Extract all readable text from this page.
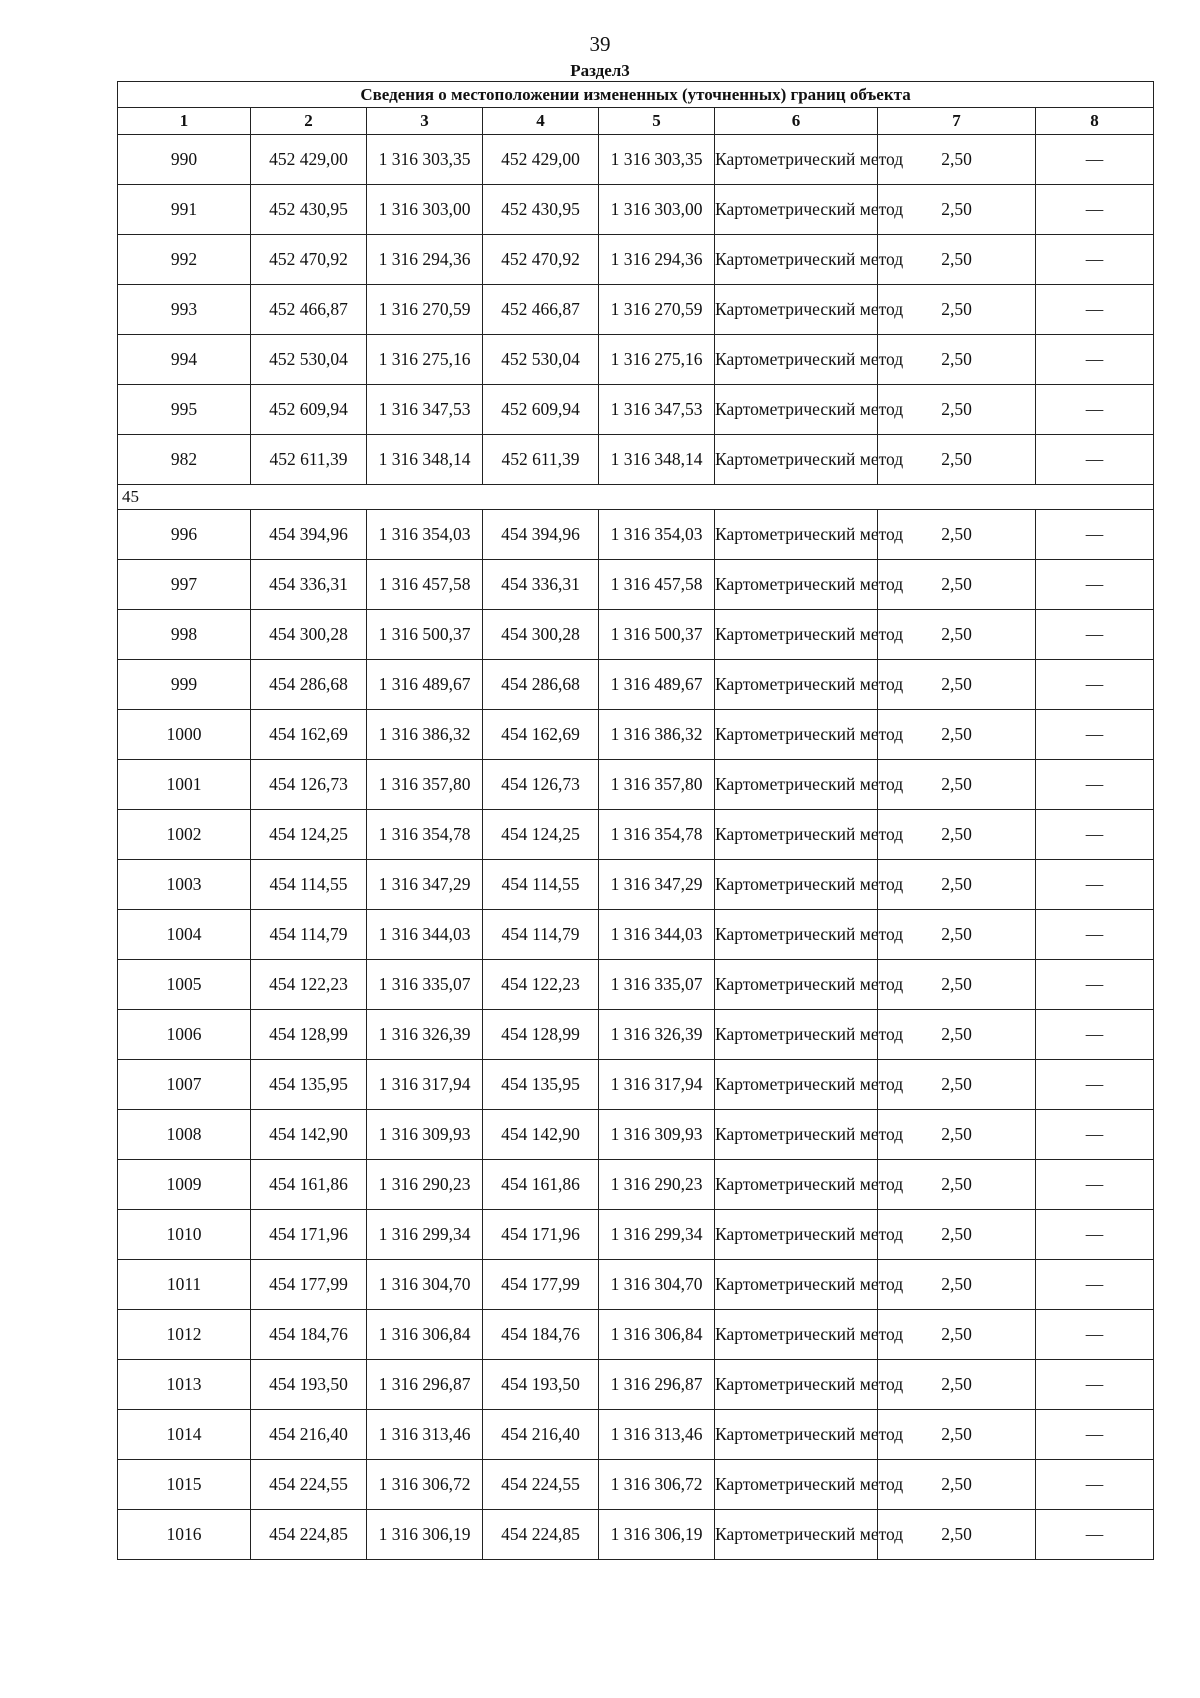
39
Раздел3
Сведения о местоположении измененных (уточненных) границ объекта							
1	2	3	4	5	6	7	8
990	452 429,00	1 316 303,35	452 429,00	1 316 303,35	Картометрический метод	2,50	—
991	452 430,95	1 316 303,00	452 430,95	1 316 303,00	Картометрический метод	2,50	—
992	452 470,92	1 316 294,36	452 470,92	1 316 294,36	Картометрический метод	2,50	—
993	452 466,87	1 316 270,59	452 466,87	1 316 270,59	Картометрический метод	2,50	—
994	452 530,04	1 316 275,16	452 530,04	1 316 275,16	Картометрический метод	2,50	—
995	452 609,94	1 316 347,53	452 609,94	1 316 347,53	Картометрический метод	2,50	—
982	452 611,39	1 316 348,14	452 611,39	1 316 348,14	Картометрический метод	2,50	—
45							
996	454 394,96	1 316 354,03	454 394,96	1 316 354,03	Картометрический метод	2,50	—
997	454 336,31	1 316 457,58	454 336,31	1 316 457,58	Картометрический метод	2,50	—
998	454 300,28	1 316 500,37	454 300,28	1 316 500,37	Картометрический метод	2,50	—
999	454 286,68	1 316 489,67	454 286,68	1 316 489,67	Картометрический метод	2,50	—
1000	454 162,69	1 316 386,32	454 162,69	1 316 386,32	Картометрический метод	2,50	—
1001	454 126,73	1 316 357,80	454 126,73	1 316 357,80	Картометрический метод	2,50	—
1002	454 124,25	1 316 354,78	454 124,25	1 316 354,78	Картометрический метод	2,50	—
1003	454 114,55	1 316 347,29	454 114,55	1 316 347,29	Картометрический метод	2,50	—
1004	454 114,79	1 316 344,03	454 114,79	1 316 344,03	Картометрический метод	2,50	—
1005	454 122,23	1 316 335,07	454 122,23	1 316 335,07	Картометрический метод	2,50	—
1006	454 128,99	1 316 326,39	454 128,99	1 316 326,39	Картометрический метод	2,50	—
1007	454 135,95	1 316 317,94	454 135,95	1 316 317,94	Картометрический метод	2,50	—
1008	454 142,90	1 316 309,93	454 142,90	1 316 309,93	Картометрический метод	2,50	—
1009	454 161,86	1 316 290,23	454 161,86	1 316 290,23	Картометрический метод	2,50	—
1010	454 171,96	1 316 299,34	454 171,96	1 316 299,34	Картометрический метод	2,50	—
1011	454 177,99	1 316 304,70	454 177,99	1 316 304,70	Картометрический метод	2,50	—
1012	454 184,76	1 316 306,84	454 184,76	1 316 306,84	Картометрический метод	2,50	—
1013	454 193,50	1 316 296,87	454 193,50	1 316 296,87	Картометрический метод	2,50	—
1014	454 216,40	1 316 313,46	454 216,40	1 316 313,46	Картометрический метод	2,50	—
1015	454 224,55	1 316 306,72	454 224,55	1 316 306,72	Картометрический метод	2,50	—
1016	454 224,85	1 316 306,19	454 224,85	1 316 306,19	Картометрический метод	2,50	—
